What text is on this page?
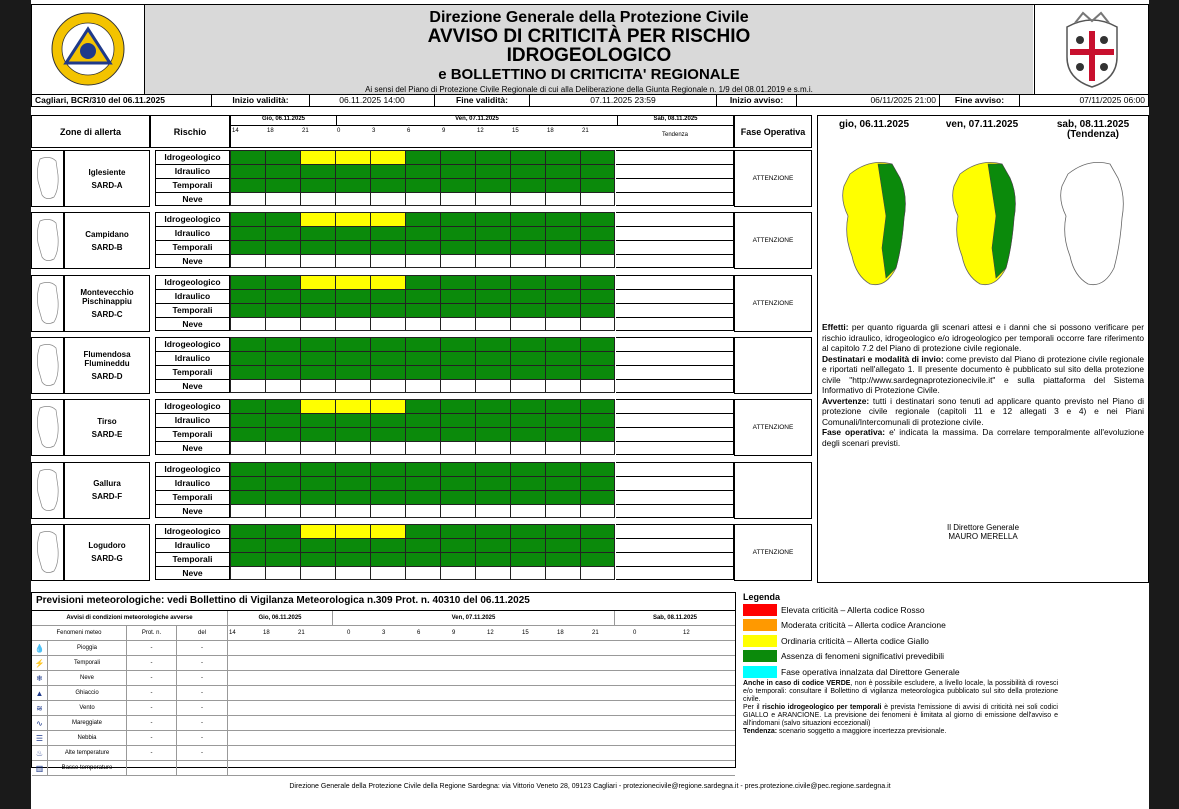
Direzione Generale della Protezione Civile
AVVISO DI CRITICITÀ PER RISCHIO
IDROGEOLOGICO
e BOLLETTINO DI CRITICITA' REGIONALE
Ai sensi del Piano di Protezione Civile Regionale di cui alla Deliberazione della Giunta Regionale n. 1/9 del 08.01.2019 e s.m.i.
Cagliari, BCR/310 del 06.11.2025	Inizio validità:	06.11.2025 14:00	Fine validità:	07.11.2025 23:59	Inizio avviso:	06/11/2025 21:00	Fine avviso:	07/11/2025 06:00
Zone di allerta	Rischio
Gio, 06.11.2025	Ven, 07.11.2025	Sab, 08.11.2025
14	18	21	0	3	6	9	12	15	18	21
Tendenza	Fase Operativa
Iglesiente
SARD-A
Idrogeologico
Idraulico
Temporali
Neve
ATTENZIONE
Campidano
SARD-B
Idrogeologico
Idraulico
Temporali
Neve
ATTENZIONE
Montevecchio
Pischinappiu
SARD-C
Idrogeologico
Idraulico
Temporali
Neve
ATTENZIONE
Flumendosa
Flumineddu
SARD-D
Idrogeologico
Idraulico
Temporali
Neve
Tirso
SARD-E
Idrogeologico
Idraulico
Temporali
Neve
ATTENZIONE
Gallura
SARD-F
Idrogeologico
Idraulico
Temporali
Neve
Logudoro
SARD-G
Idrogeologico
Idraulico
Temporali
Neve
ATTENZIONE
gio, 06.11.2025	ven, 07.11.2025	sab, 08.11.2025
(Tendenza)
Effetti: per quanto riguarda gli scenari attesi e i danni che si possono verificare per rischio idraulico, idrogeologico e/o idrogeologico per temporali occorre fare riferimento al capitolo 7.2 del Piano di protezione civile regionale.
Destinatari e modalità di invio: come previsto dal Piano di protezione civile regionale e riportati nell'allegato 1. Il presente documento è pubblicato sul sito della protezione civile "http://www.sardegnaprotezionecivile.it" e sulla piattaforma del Sistema Informativo di Protezione Civile.
Avvertenze: tutti i destinatari sono tenuti ad applicare quanto previsto nel Piano di protezione civile regionale (capitoli 11 e 12 allegati 3 e 4) e nei Piani Comunali/Intercomunali di protezione civile.
Fase operativa: e' indicata la massima. Da correlare temporalmente all'evoluzione degli scenari previsti.
Il Direttore Generale
MAURO MERELLA
Previsioni meteorologiche: vedi Bollettino di Vigilanza Meteorologica n.309 Prot. n. 40310 del 06.11.2025
Avvisi di condizioni meteorologiche avverse	Gio, 06.11.2025	Ven, 07.11.2025	Sab, 08.11.2025
Fenomeni meteo	Prot. n.	del	14	18	21	0	3	6	9	12	15	18	21	0	12
💧	Pioggia	-	-
⚡	Temporali	-	-
❄	Neve	-	-
▲	Ghiaccio	-	-
≋	Vento	-	-
∿	Mareggiate	-	-
☰	Nebbia	-	-
♨	Alte temperature	-	-
▥	Basse temperature	-	-
Legenda
Elevata criticità – Allerta codice Rosso
Moderata criticità – Allerta codice Arancione
Ordinaria criticità – Allerta codice Giallo
Assenza di fenomeni significativi prevedibili
Fase operativa innalzata dal Direttore Generale
Anche in caso di codice VERDE, non è possibile escludere, a livello locale, la possibilità di rovesci e/o temporali: consultare il Bollettino di vigilanza meteorologica pubblicato sul sito della protezione civile.
Per il rischio idrogeologico per temporali è prevista l'emissione di avvisi di criticità nei soli codici GIALLO e ARANCIONE. La previsione dei fenomeni è limitata al giorno di emissione dell'avviso e all'indomani (salvo situazioni eccezionali)
Tendenza: scenario soggetto a maggiore incertezza previsionale.
Direzione Generale della Protezione Civile della Regione Sardegna: via Vittorio Veneto 28, 09123 Cagliari - protezionecivile@regione.sardegna.it - pres.protezione.civile@pec.regione.sardegna.it
